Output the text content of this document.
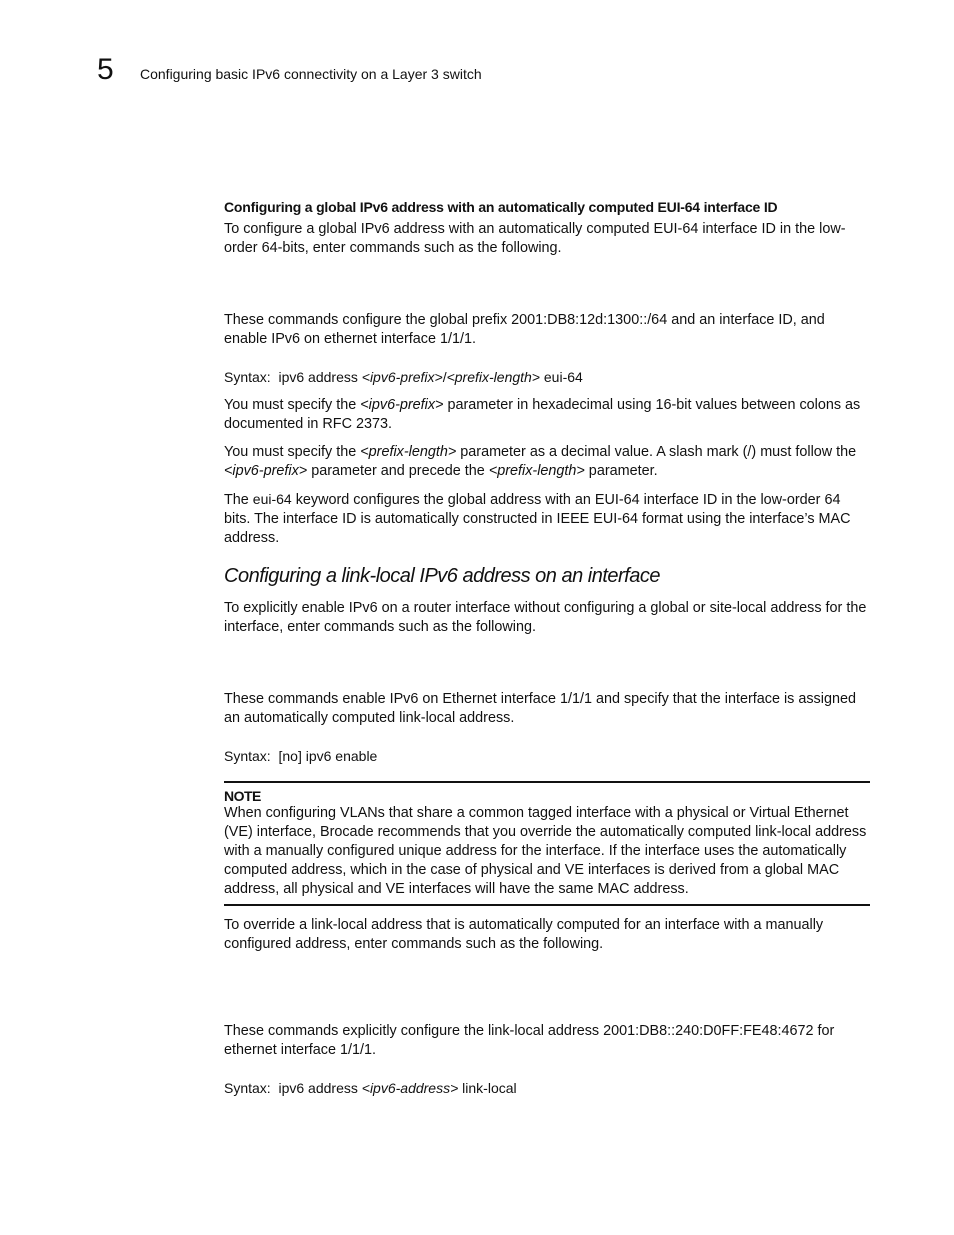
5 Configuring basic IPv6 connectivity on a Layer 3 switch

Configuring a global IPv6 address with an automatically computed EUI-64 interface ID

To configure a global IPv6 address with an automatically computed EUI-64 interface ID in the low-order 64-bits, enter commands such as the following.

These commands configure the global prefix 2001:DB8:12d:1300::/64 and an interface ID, and enable IPv6 on ethernet interface 1/1/1.

Syntax: ipv6 address <ipv6-prefix>/<prefix-length> eui-64

You must specify the <ipv6-prefix> parameter in hexadecimal using 16-bit values between colons as documented in RFC 2373.

You must specify the <prefix-length> parameter as a decimal value. A slash mark (/) must follow the <ipv6-prefix> parameter and precede the <prefix-length> parameter.

The eui-64 keyword configures the global address with an EUI-64 interface ID in the low-order 64 bits. The interface ID is automatically constructed in IEEE EUI-64 format using the interface’s MAC address.

Configuring a link-local IPv6 address on an interface

To explicitly enable IPv6 on a router interface without configuring a global or site-local address for the interface, enter commands such as the following.

These commands enable IPv6 on Ethernet interface 1/1/1 and specify that the interface is assigned an automatically computed link-local address.

Syntax: [no] ipv6 enable

NOTE

When configuring VLANs that share a common tagged interface with a physical or Virtual Ethernet (VE) interface, Brocade recommends that you override the automatically computed link-local address with a manually configured unique address for the interface. If the interface uses the automatically computed address, which in the case of physical and VE interfaces is derived from a global MAC address, all physical and VE interfaces will have the same MAC address.

To override a link-local address that is automatically computed for an interface with a manually configured address, enter commands such as the following.

These commands explicitly configure the link-local address 2001:DB8::240:D0FF:FE48:4672 for ethernet interface 1/1/1.

Syntax: ipv6 address <ipv6-address> link-local
